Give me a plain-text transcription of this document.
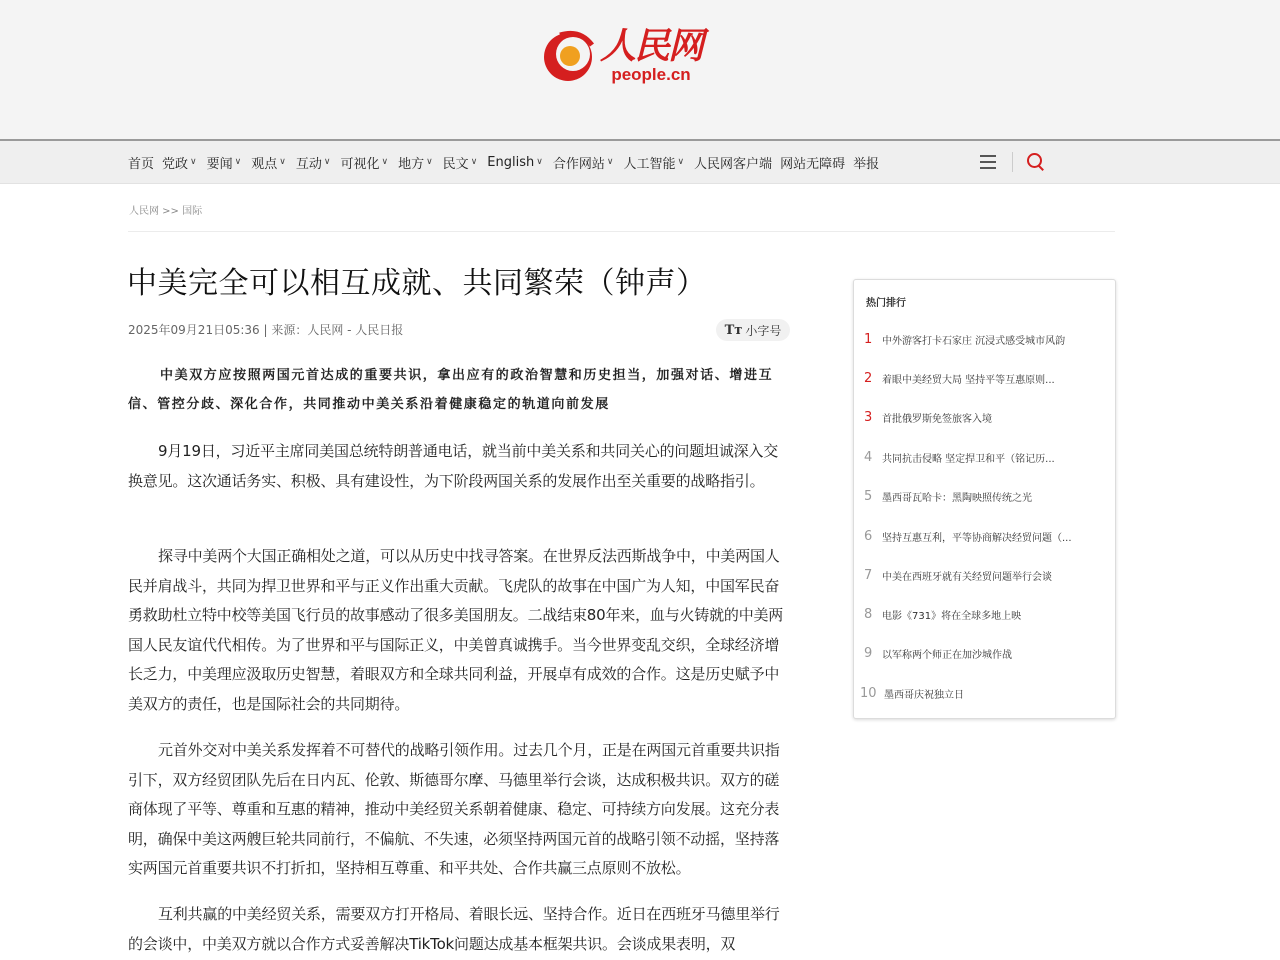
人民网
people.cn
首页 党政 ∨ 要闻 ∨ 观点 ∨ 互动 ∨ 可视化 ∨ 地方 ∨ 民文 ∨ English ∨ 合作网站 ∨ 人工智能 ∨ 人民网客户端 网站无障碍 举报
人民网 >> 国际
中美完全可以相互成就、共同繁荣（钟声）
2025年09月21日05:36 | 来源：人民网 - 人民日报	Tт 小字号

中美双方应按照两国元首达成的重要共识，拿出应有的政治智慧和历史担当，加强对话、增进互信、管控分歧、深化合作，共同推动中美关系沿着健康稳定的轨道向前发展

9月19日，习近平主席同美国总统特朗普通电话，就当前中美关系和共同关心的问题坦诚深入交换意见。这次通话务实、积极、具有建设性，为下阶段两国关系的发展作出至关重要的战略指引。

探寻中美两个大国正确相处之道，可以从历史中找寻答案。在世界反法西斯战争中，中美两国人民并肩战斗，共同为捍卫世界和平与正义作出重大贡献。飞虎队的故事在中国广为人知，中国军民奋勇救助杜立特中校等美国飞行员的故事感动了很多美国朋友。二战结束80年来，血与火铸就的中美两国人民友谊代代相传。为了世界和平与国际正义，中美曾真诚携手。当今世界变乱交织，全球经济增长乏力，中美理应汲取历史智慧，着眼双方和全球共同利益，开展卓有成效的合作。这是历史赋予中美双方的责任，也是国际社会的共同期待。

元首外交对中美关系发挥着不可替代的战略引领作用。过去几个月，正是在两国元首重要共识指引下，双方经贸团队先后在日内瓦、伦敦、斯德哥尔摩、马德里举行会谈，达成积极共识。双方的磋商体现了平等、尊重和互惠的精神，推动中美经贸关系朝着健康、稳定、可持续方向发展。这充分表明，确保中美这两艘巨轮共同前行，不偏航、不失速，必须坚持两国元首的战略引领不动摇，坚持落实两国元首重要共识不打折扣，坚持相互尊重、和平共处、合作共赢三点原则不放松。

互利共赢的中美经贸关系，需要双方打开格局、着眼长远、坚持合作。近日在西班牙马德里举行的会谈中，中美双方就以合作方式妥善解决TikTok问题达成基本框架共识。会谈成果表明，双

热门排行
1 中外游客打卡石家庄 沉浸式感受城市风韵
2 着眼中美经贸大局 坚持平等互惠原则...
3 首批俄罗斯免签旅客入境
4 共同抗击侵略 坚定捍卫和平（铭记历...
5 墨西哥瓦哈卡：黑陶映照传统之光
6 坚持互惠互利，平等协商解决经贸问题（...
7 中美在西班牙就有关经贸问题举行会谈
8 电影《731》将在全球多地上映
9 以军称两个师正在加沙城作战
10 墨西哥庆祝独立日
